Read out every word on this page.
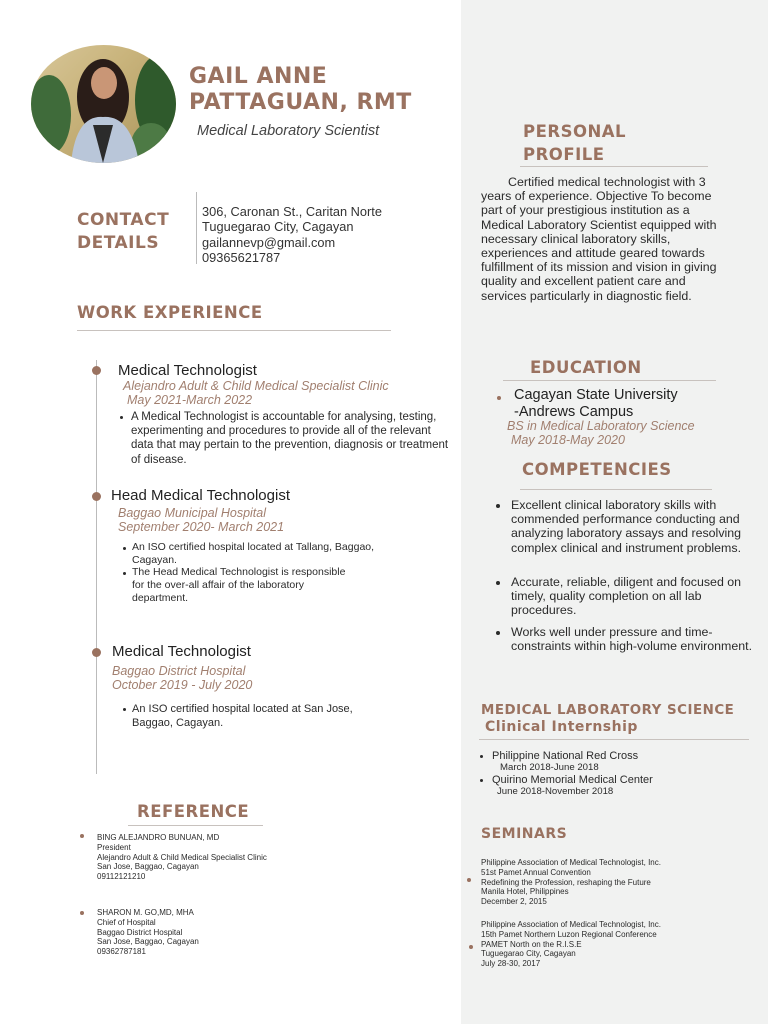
GAIL ANNE
PATTAGUAN, RMT
Medical Laboratory Scientist
CONTACT
DETAILS
306, Caronan St., Caritan Norte
Tuguegarao City, Cagayan
gailannevp@gmail.com
09365621787
WORK EXPERIENCE
Medical Technologist
Alejandro Adult & Child Medical Specialist Clinic
May 2021-March 2022
A Medical Technologist is accountable for analysing, testing, experimenting and procedures to provide all of the relevant data that may pertain to the prevention, diagnosis or treatment of disease.
Head Medical Technologist
Baggao Municipal Hospital
September 2020- March 2021
An ISO certified hospital located at Tallang, Baggao, Cagayan.
The Head Medical Technologist is responsible for the over-all affair of the laboratory department.
Medical Technologist
Baggao District Hospital
October 2019 - July 2020
An ISO certified hospital located at San Jose, Baggao, Cagayan.
REFERENCE
BING ALEJANDRO BUNUAN, MD
President
Alejandro Adult & Child Medical Specialist Clinic
San Jose, Baggao, Cagayan
09112121210
SHARON M. GO,MD, MHA
Chief of Hospital
Baggao District Hospital
San Jose, Baggao, Cagayan
09362787181
PERSONAL
PROFILE
Certified medical technologist with 3 years of experience. Objective To become part of your prestigious institution as a Medical Laboratory Scientist equipped with necessary clinical laboratory skills, experiences and attitude geared towards fulfillment of its mission and vision in giving quality and excellent patient care and services particularly in diagnostic field.
EDUCATION
Cagayan State University
-Andrews Campus
BS in Medical Laboratory Science
May 2018-May 2020
COMPETENCIES
Excellent clinical laboratory skills with commended performance conducting and analyzing laboratory assays and resolving complex clinical and instrument problems.
Accurate, reliable, diligent and focused on timely, quality completion on all lab procedures.
Works well under pressure and time-constraints within high-volume environment.
MEDICAL LABORATORY SCIENCE
Clinical Internship
Philippine National Red Cross
March 2018-June 2018
Quirino Memorial Medical Center
June 2018-November 2018
SEMINARS
Philippine Association of Medical Technologist, Inc.
51st Pamet Annual Convention
Redefining the Profession, reshaping the Future
Manila Hotel, Philippines
December 2, 2015
Philippine Association of Medical Technologist, Inc.
15th Pamet Northern Luzon Regional Conference
PAMET North on the R.I.S.E
Tuguegarao City, Cagayan
July 28-30, 2017
